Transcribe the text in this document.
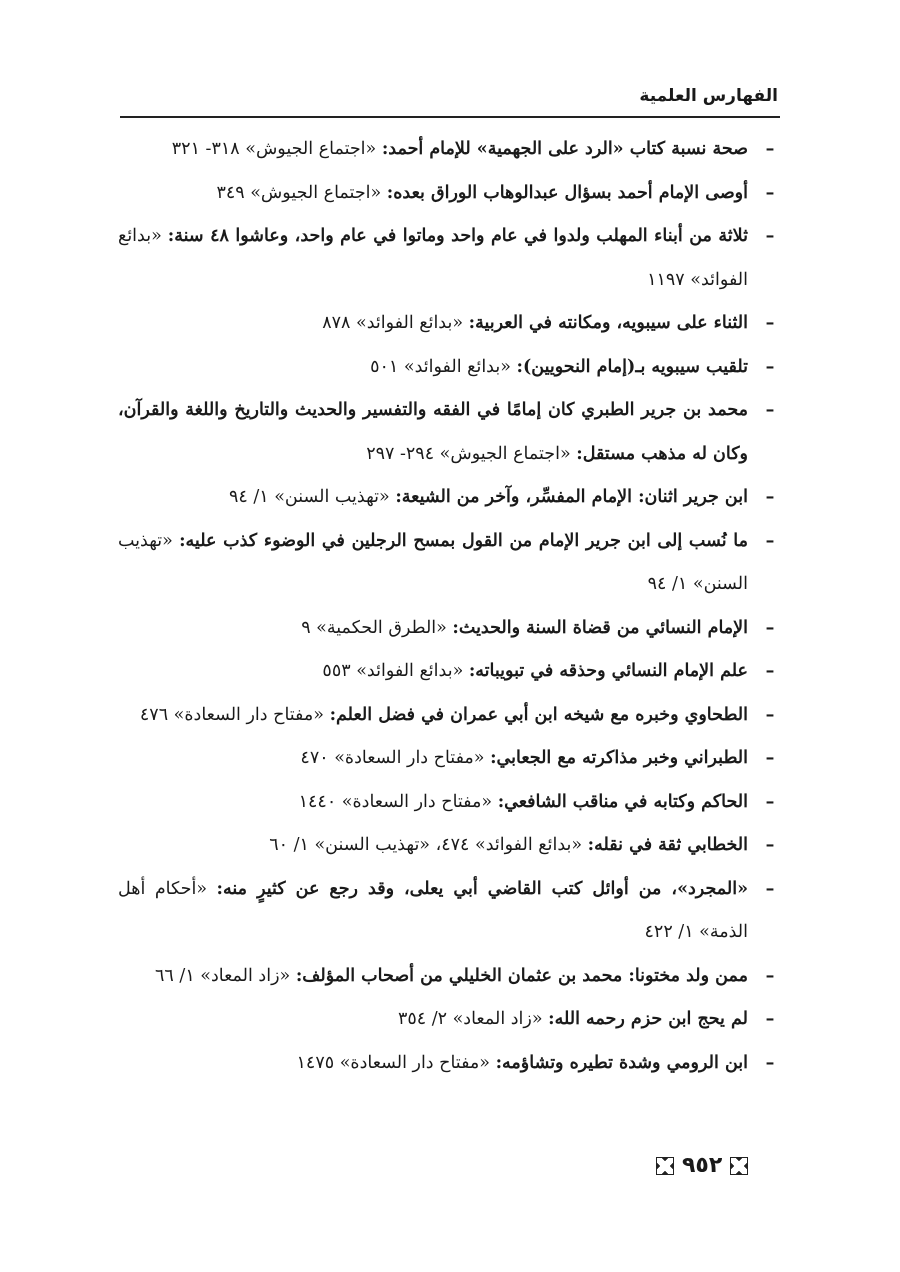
الفهارس العلمية
–
صحة نسبة كتاب «الرد على الجهمية» للإمام أحمد: «اجتماع الجيوش» ٣١٨- ٣٢١
–
أوصى الإمام أحمد بسؤال عبدالوهاب الوراق بعده: «اجتماع الجيوش» ٣٤٩
–
ثلاثة من أبناء المهلب ولدوا في عام واحد وماتوا في عام واحد، وعاشوا ٤٨ سنة: «بدائع الفوائد» ١١٩٧
–
الثناء على سيبويه، ومكانته في العربية: «بدائع الفوائد» ٨٧٨
–
تلقيب سيبويه بـ(إمام النحويين): «بدائع الفوائد» ٥٠١
–
محمد بن جرير الطبري كان إمامًا في الفقه والتفسير والحديث والتاريخ واللغة والقرآن، وكان له مذهب مستقل: «اجتماع الجيوش» ٢٩٤- ٢٩٧
–
ابن جرير اثنان: الإمام المفسِّر، وآخر من الشيعة: «تهذيب السنن» ١/ ٩٤
–
ما نُسب إلى ابن جرير الإمام من القول بمسح الرجلين في الوضوء كذب عليه: «تهذيب السنن» ١/ ٩٤
–
الإمام النسائي من قضاة السنة والحديث: «الطرق الحكمية» ٩
–
علم الإمام النسائي وحذقه في تبويباته: «بدائع الفوائد» ٥٥٣
–
الطحاوي وخبره مع شيخه ابن أبي عمران في فضل العلم: «مفتاح دار السعادة» ٤٧٦
–
الطبراني وخبر مذاكرته مع الجعابي: «مفتاح دار السعادة» ٤٧٠
–
الحاكم وكتابه في مناقب الشافعي: «مفتاح دار السعادة» ١٤٤٠
–
الخطابي ثقة في نقله: «بدائع الفوائد» ٤٧٤، «تهذيب السنن» ١/ ٦٠
–
«المجرد»، من أوائل كتب القاضي أبي يعلى، وقد رجع عن كثيرٍ منه: «أحكام أهل الذمة» ١/ ٤٢٢
–
ممن ولد مختونا: محمد بن عثمان الخليلي من أصحاب المؤلف: «زاد المعاد» ١/ ٦٦
–
لم يحج ابن حزم رحمه الله: «زاد المعاد» ٢/ ٣٥٤
–
ابن الرومي وشدة تطيره وتشاؤمه: «مفتاح دار السعادة» ١٤٧٥
٩٥٢
